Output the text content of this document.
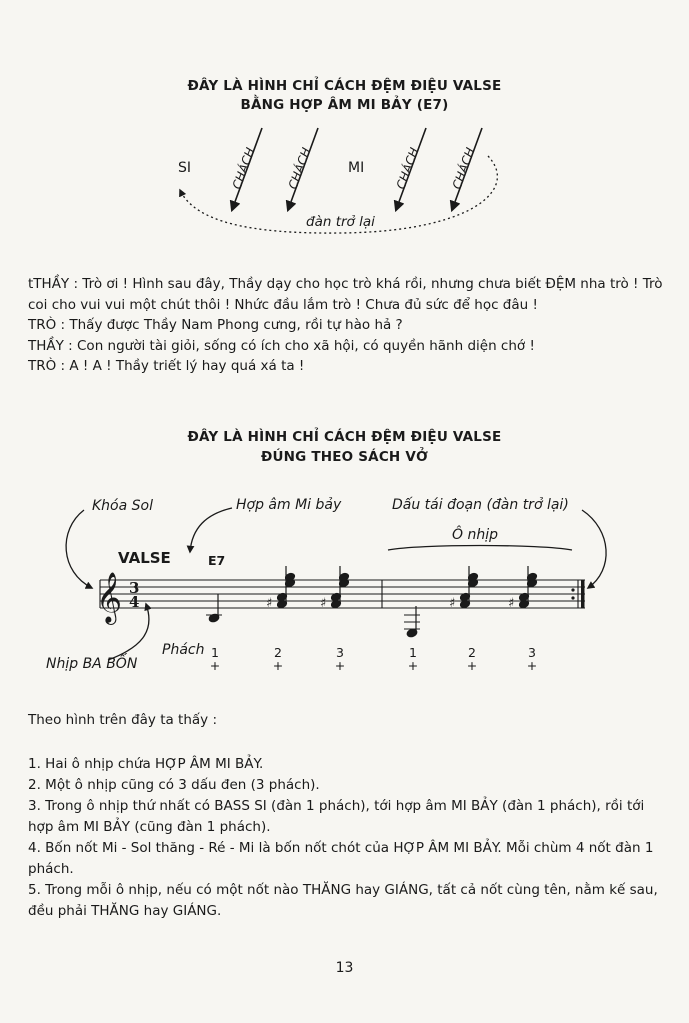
ĐÂY LÀ HÌNH CHỈ CÁCH ĐỆM ĐIỆU VALSE
BẰNG HỢP ÂM MI BẢY (E7)
CHÁCH CHÁCH	CHÁCH CHÁCH
𝄞 3
4	♯	♯	♯	♯
SI	MI
đàn trở lại

tTHẦY : Trò ơi ! Hình sau đây, Thầy dạy cho học trò khá rồi, nhưng chưa biết ĐỆM nha trò ! Trò coi cho vui vui một chút thôi ! Nhức đầu lắm trò ! Chưa đủ sức để học đâu !

TRÒ : Thấy được Thầy Nam Phong cưng, rồi tự hào hả ?

THẦY : Con người tài giỏi, sống có ích cho xã hội, có quyền hãnh diện chớ !

TRÒ : A ! A ! Thầy triết lý hay quá xá ta !

ĐÂY LÀ HÌNH CHỈ CÁCH ĐỆM ĐIỆU VALSE
ĐÚNG THEO SÁCH VỞ
Khóa Sol	Hợp âm Mi bảy	Dấu tái đoạn (đàn trở lại)
Ô nhịp
VALSE	E7
Phách
Nhịp BA BỐN
1	2	3	1	2	3
+	+	+	+	+	+
Theo hình trên đây ta thấy :

1. Hai ô nhịp chứa HỢP ÂM MI BẢY.

2. Một ô nhịp cũng có 3 dấu đen (3 phách).

3. Trong ô nhịp thứ nhất có BASS SI (đàn 1 phách), tới hợp âm MI BẢY (đàn 1 phách), rồi tới hợp âm MI BẢY (cũng đàn 1 phách).

4. Bốn nốt Mi - Sol thăng - Ré - Mi là bốn nốt chót của HỢP ÂM MI BẢY. Mỗi chùm 4 nốt đàn 1 phách.

5. Trong mỗi ô nhịp, nếu có một nốt nào THĂNG hay GIÁNG, tất cả nốt cùng tên, nằm kế sau, đều phải THĂNG hay GIÁNG.

13
